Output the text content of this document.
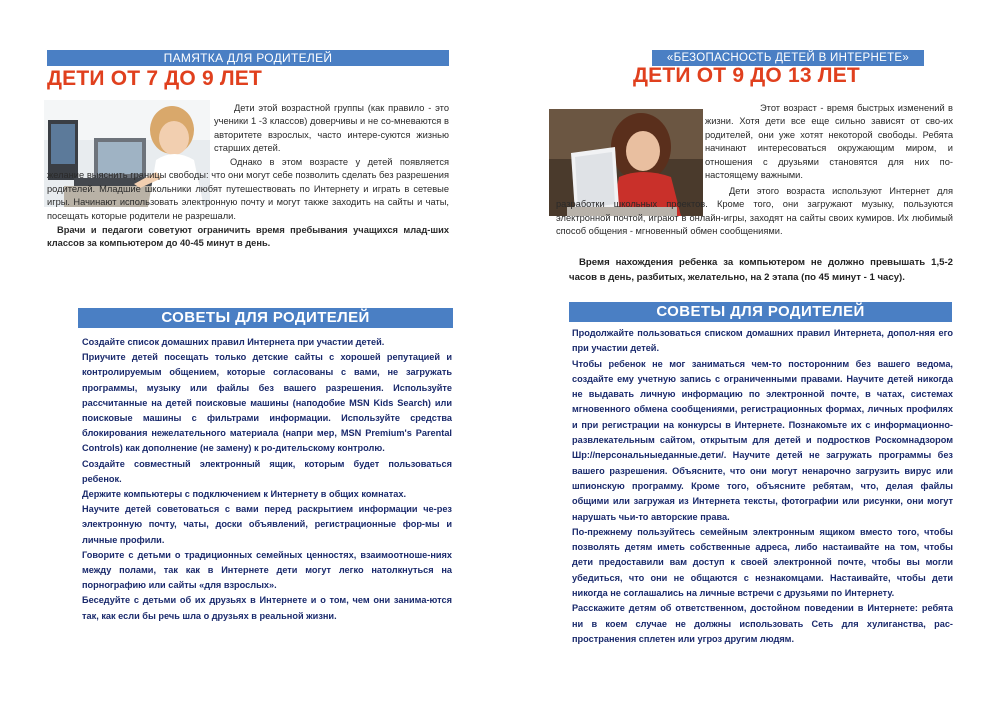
ПАМЯТКА ДЛЯ РОДИТЕЛЕЙ
ДЕТИ ОТ 7 ДО 9 ЛЕТ

Дети этой возрастной группы (как правило - это ученики 1 -3 классов) доверчивы и не со-мневаются в авторитете взрослых, часто интере-суются жизнью старших детей.

Однако в этом возрасте у детей появляется желание выяснить границы свободы: что они могут себе позволить сделать без разрешения родителей. Младшие школьники любят путешествовать по Интернету и играть в сетевые игры. Начинают использовать электронную почту и могут также заходить на сайты и чаты, посещать которые родители не разрешали.

Врачи и педагоги советуют ограничить время пребывания учащихся млад-ших классов за компьютером до 40-45 минут в день.

СОВЕТЫ ДЛЯ РОДИТЕЛЕЙ

Создайте список домашних правил Интернета при участии детей.

Приучите детей посещать только детские сайты с хорошей репутацией и контролируемым общением, которые согласованы с вами, не загружать программы, музыку или файлы без вашего разрешения. Используйте рассчитанные на детей поисковые машины (наподобие MSN Kids Search) или поисковые машины с фильтрами информации. Используйте средства блокирования нежелательного материала (напри мер, MSN Premium's Parental Controls) как дополнение (не замену) к ро-дительскому контролю.

Создайте совместный электронный ящик, которым будет пользоваться ребенок.

Держите компьютеры с подключением к Интернету в общих комнатах.

Научите детей советоваться с вами перед раскрытием информации че-рез электронную почту, чаты, доски объявлений, регистрационные фор-мы и личные профили.

Говорите с детьми о традиционных семейных ценностях, взаимоотноше-ниях между полами, так как в Интернете дети могут легко натолкнуться на порнографию или сайты «для взрослых».

Беседуйте с детьми об их друзьях в Интернете и о том, чем они занима-ются так, как если бы речь шла о друзьях в реальной жизни.

«БЕЗОПАСНОСТЬ ДЕТЕЙ В ИНТЕРНЕТЕ»
ДЕТИ ОТ 9 ДО 13 ЛЕТ

Этот возраст - время быстрых изменений в жизни. Хотя дети все еще сильно зависят от сво-их родителей, они уже хотят некоторой свободы. Ребята начинают интересоваться окружающим миром, и отношения с друзьями становятся для них по-настоящему важными.

Дети этого возраста используют Интернет для разработки школьных проектов. Кроме того, они загружают музыку, пользуются электронной почтой, играют в онлайн-игры, заходят на сайты своих кумиров. Их любимый способ общения - мгновенный обмен сообщениями.

Время нахождения ребенка за компьютером не должно превышать 1,5-2 часов в день, разбитых, желательно, на 2 этапа (по 45 минут - 1 часу).

СОВЕТЫ ДЛЯ РОДИТЕЛЕЙ

Продолжайте пользоваться списком домашних правил Интернета, допол-няя его при участии детей.

Чтобы ребенок не мог заниматься чем-то посторонним без вашего ведома, создайте ему учетную запись с ограниченными правами. Научите детей никогда не выдавать личную информацию по электронной почте, в чатах, системах мгновенного обмена сообщениями, регистрационных формах, личных профилях и при регистрации на конкурсы в Интернете. Познакомьте их с информационно-развлекательным сайтом, открытым для детей и подростков Роскомнадзором Шр://персональныеданные.дети/. Научите детей не загружать программы без вашего разрешения. Объясните, что они могут ненарочно загрузить вирус или шпионскую программу. Кроме того, объясните ребятам, что, делая файлы общими или загружая из Интернета тексты, фотографии или рисунки, они могут нарушать чьи-то авторские права.

По-прежнему пользуйтесь семейным электронным ящиком вместо того, чтобы позволять детям иметь собственные адреса, либо настаивайте на том, чтобы дети предоставили вам доступ к своей электронной почте, чтобы вы могли убедиться, что они не общаются с незнакомцами. Настаивайте, чтобы дети никогда не соглашались на личные встречи с друзьями по Интернету.

Расскажите детям об ответственном, достойном поведении в Интернете: ребята ни в коем случае не должны использовать Сеть для хулиганства, рас-пространения сплетен или угроз другим людям.
